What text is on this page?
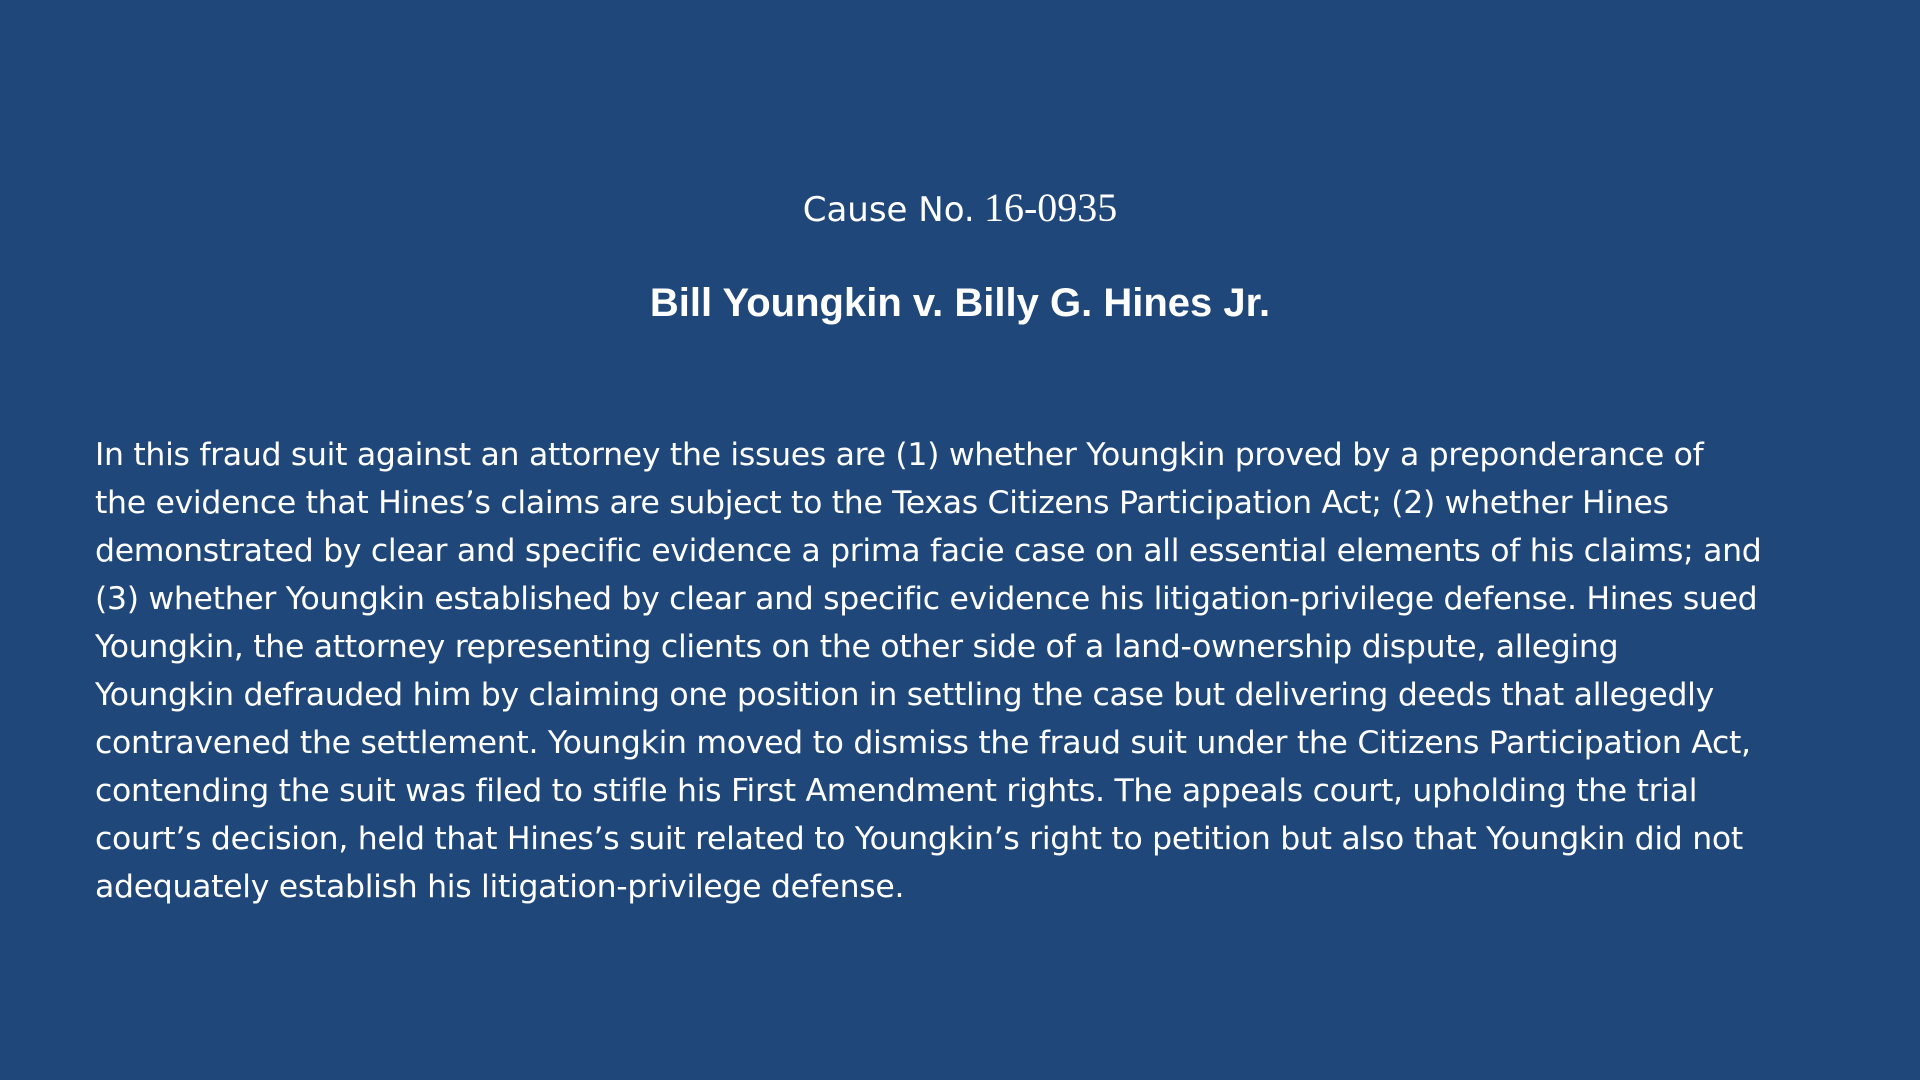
Cause No. 16-0935
Bill Youngkin v. Billy G. Hines Jr.
In this fraud suit against an attorney the issues are (1) whether Youngkin proved by a preponderance of
the evidence that Hines’s claims are subject to the Texas Citizens Participation Act; (2) whether Hines
demonstrated by clear and specific evidence a prima facie case on all essential elements of his claims; and
(3) whether Youngkin established by clear and specific evidence his litigation-privilege defense. Hines sued
Youngkin, the attorney representing clients on the other side of a land-ownership dispute, alleging
Youngkin defrauded him by claiming one position in settling the case but delivering deeds that allegedly
contravened the settlement. Youngkin moved to dismiss the fraud suit under the Citizens Participation Act,
contending the suit was filed to stifle his First Amendment rights. The appeals court, upholding the trial
court’s decision, held that Hines’s suit related to Youngkin’s right to petition but also that Youngkin did not
adequately establish his litigation-privilege defense.
